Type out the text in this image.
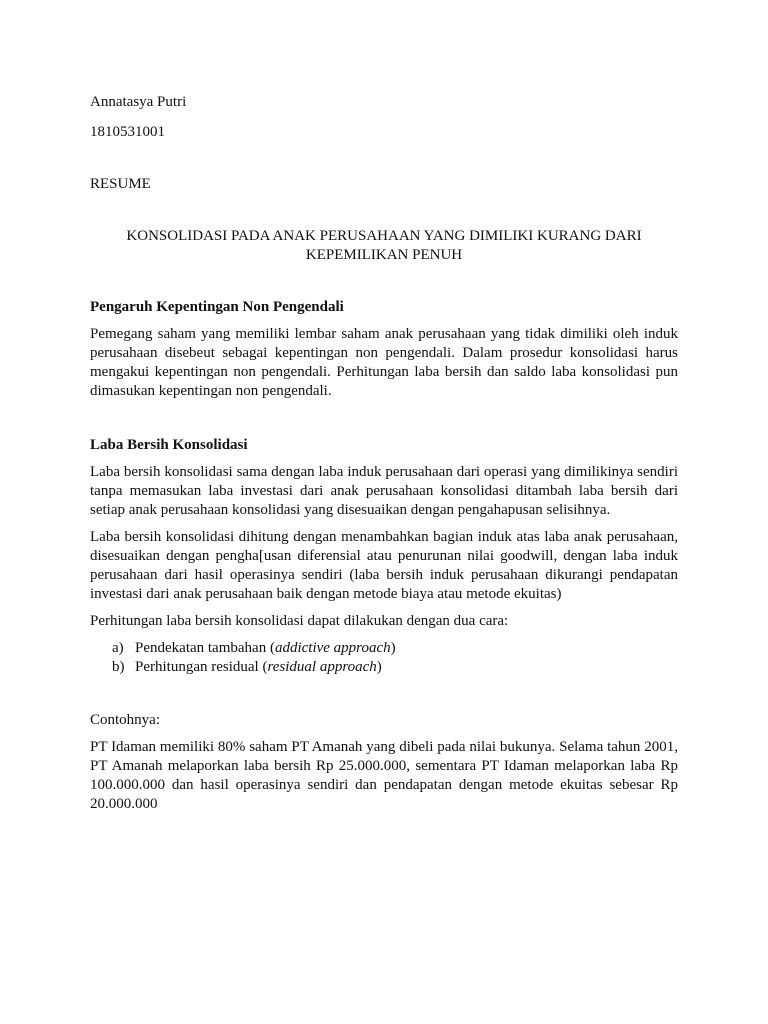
Annatasya Putri

1810531001

RESUME

KONSOLIDASI PADA ANAK PERUSAHAAN YANG DIMILIKI KURANG DARI KEPEMILIKAN PENUH

Pengaruh Kepentingan Non Pengendali

Pemegang saham yang memiliki lembar saham anak perusahaan yang tidak dimiliki oleh induk perusahaan disebeut sebagai kepentingan non pengendali. Dalam prosedur konsolidasi harus mengakui kepentingan non pengendali. Perhitungan laba bersih dan saldo laba konsolidasi pun dimasukan kepentingan non pengendali.

Laba Bersih Konsolidasi

Laba bersih konsolidasi sama dengan laba induk perusahaan dari operasi yang dimilikinya sendiri tanpa memasukan laba investasi dari anak perusahaan konsolidasi ditambah laba bersih dari setiap anak perusahaan konsolidasi yang disesuaikan dengan pengahapusan selisihnya.

Laba bersih konsolidasi dihitung dengan menambahkan bagian induk atas laba anak perusahaan, disesuaikan dengan pengha[usan diferensial atau penurunan nilai goodwill, dengan laba induk perusahaan dari hasil operasinya sendiri (laba bersih induk perusahaan dikurangi pendapatan investasi dari anak perusahaan baik dengan metode biaya atau metode ekuitas)

Perhitungan laba bersih konsolidasi dapat dilakukan dengan dua cara:

a) Pendekatan tambahan (addictive approach)
b) Perhitungan residual (residual approach)

Contohnya:

PT Idaman memiliki 80% saham PT Amanah yang dibeli pada nilai bukunya. Selama tahun 2001, PT Amanah melaporkan laba bersih Rp 25.000.000, sementara PT Idaman melaporkan laba Rp 100.000.000 dan hasil operasinya sendiri dan pendapatan dengan metode ekuitas sebesar Rp 20.000.000
